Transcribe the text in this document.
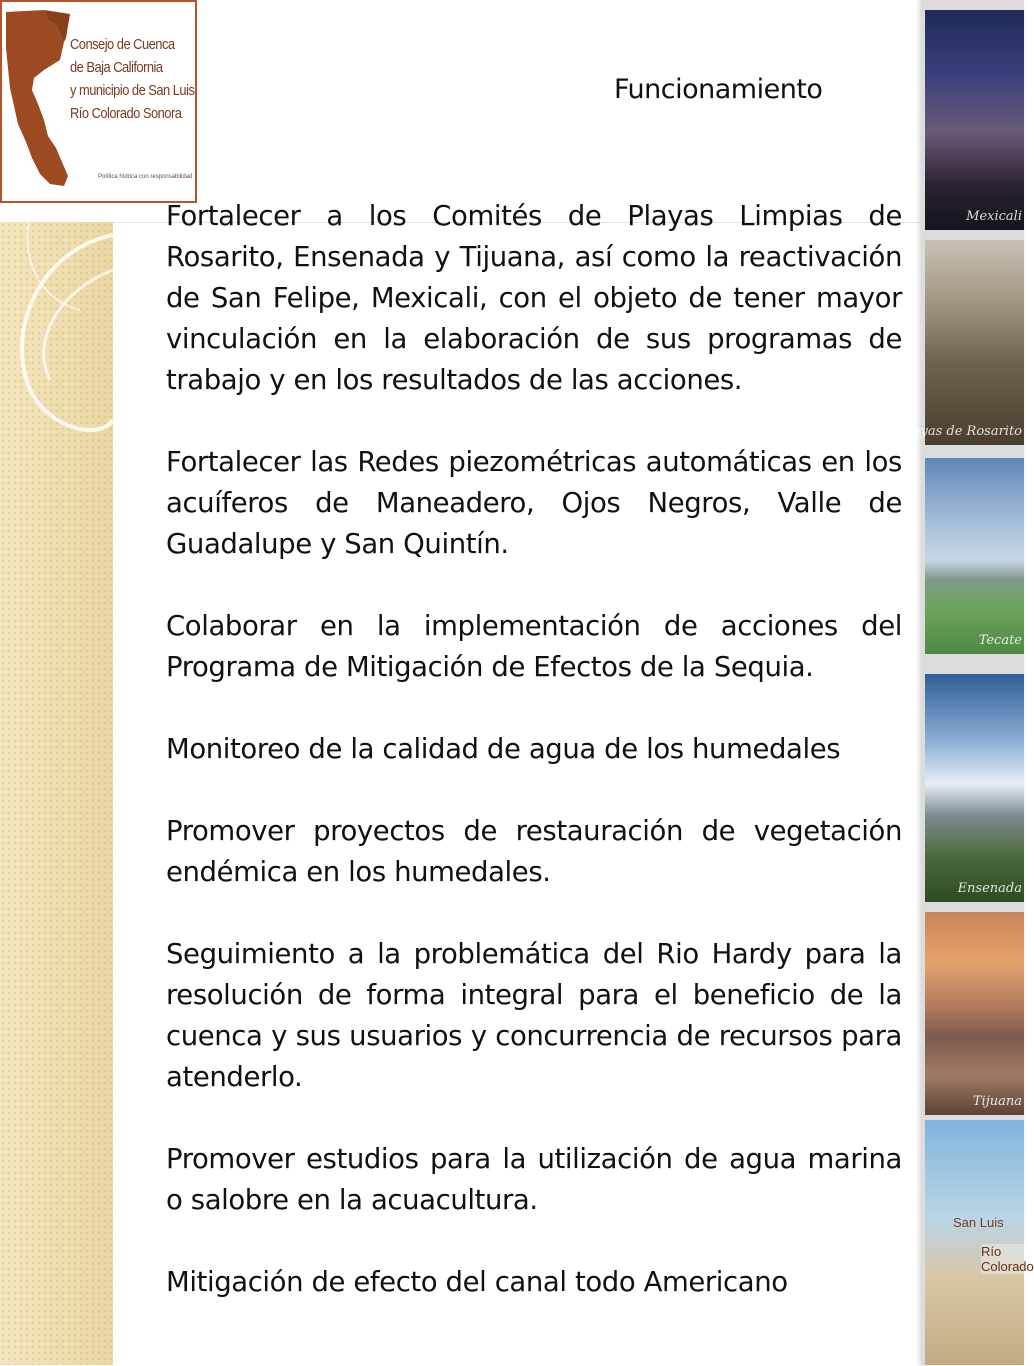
Consejo de Cuenca
de Baja California
y municipio de San Luis
Río Colorado Sonora
Política hídrica con responsabilidad
Funcionamiento

Fortalecer a los Comités de Playas Limpias de Rosarito, Ensenada y Tijuana, así como la reactivación de San Felipe, Mexicali, con el objeto de tener mayor vinculación en la elaboración de sus programas de trabajo y en los resultados de las acciones.

Fortalecer las Redes piezométricas automáticas en los acuíferos de Maneadero, Ojos Negros, Valle de Guadalupe y San Quintín.

Colaborar en la implementación de acciones del Programa de Mitigación de Efectos de la Sequia.

Monitoreo de la calidad de agua de los humedales

Promover proyectos de restauración de vegetación endémica en los humedales.

Seguimiento a la problemática del Rio Hardy para la resolución de forma integral para el beneficio de la cuenca y sus usuarios y concurrencia de recursos para atenderlo.

Promover estudios para la utilización de agua marina o salobre en la acuacultura.

Mitigación de efecto del canal todo Americano

Mexicali
Playas de Rosarito
Tecate
Ensenada
Tijuana
San Luis
Río Colorado
